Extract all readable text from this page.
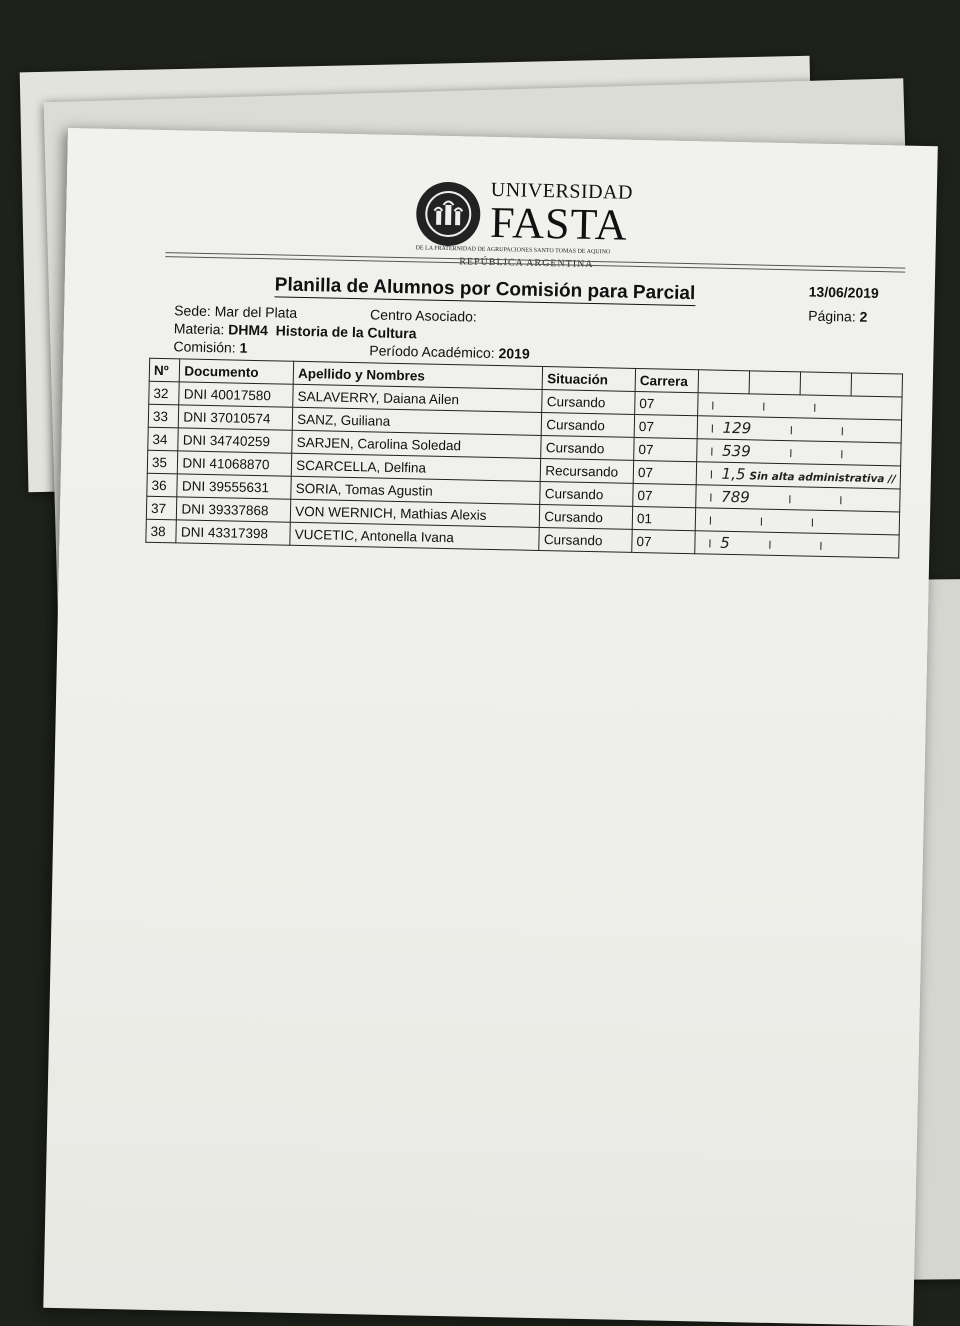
UNIVERSIDAD
FASTA
DE LA FRATERNIDAD DE AGRUPACIONES SANTO TOMAS DE AQUINO
REPÚBLICA ARGENTINA
Planilla de Alumnos por Comisión para Parcial	13/06/2019
Página: 2
Sede: Mar del Plata	Centro Asociado:
Materia: DHM4 Historia de la Cultura
Comisión: 1	Período Académico: 2019
Nº	Documento	Apellido y Nombres	Situación	Carrera				
32	DNI 40017580	SALAVERRY, Daiana Ailen	Cursando	07				
33	DNI 37010574	SANZ, Guiliana	Cursando	07	129			
34	DNI 34740259	SARJEN, Carolina Soledad	Cursando	07	539			
35	DNI 41068870	SCARCELLA, Delfina	Recursando	07	1,5 Sin alta administrativa //			
36	DNI 39555631	SORIA, Tomas Agustin	Cursando	07	789			
37	DNI 39337868	VON WERNICH, Mathias Alexis	Cursando	01				
38	DNI 43317398	VUCETIC, Antonella Ivana	Cursando	07	5			
